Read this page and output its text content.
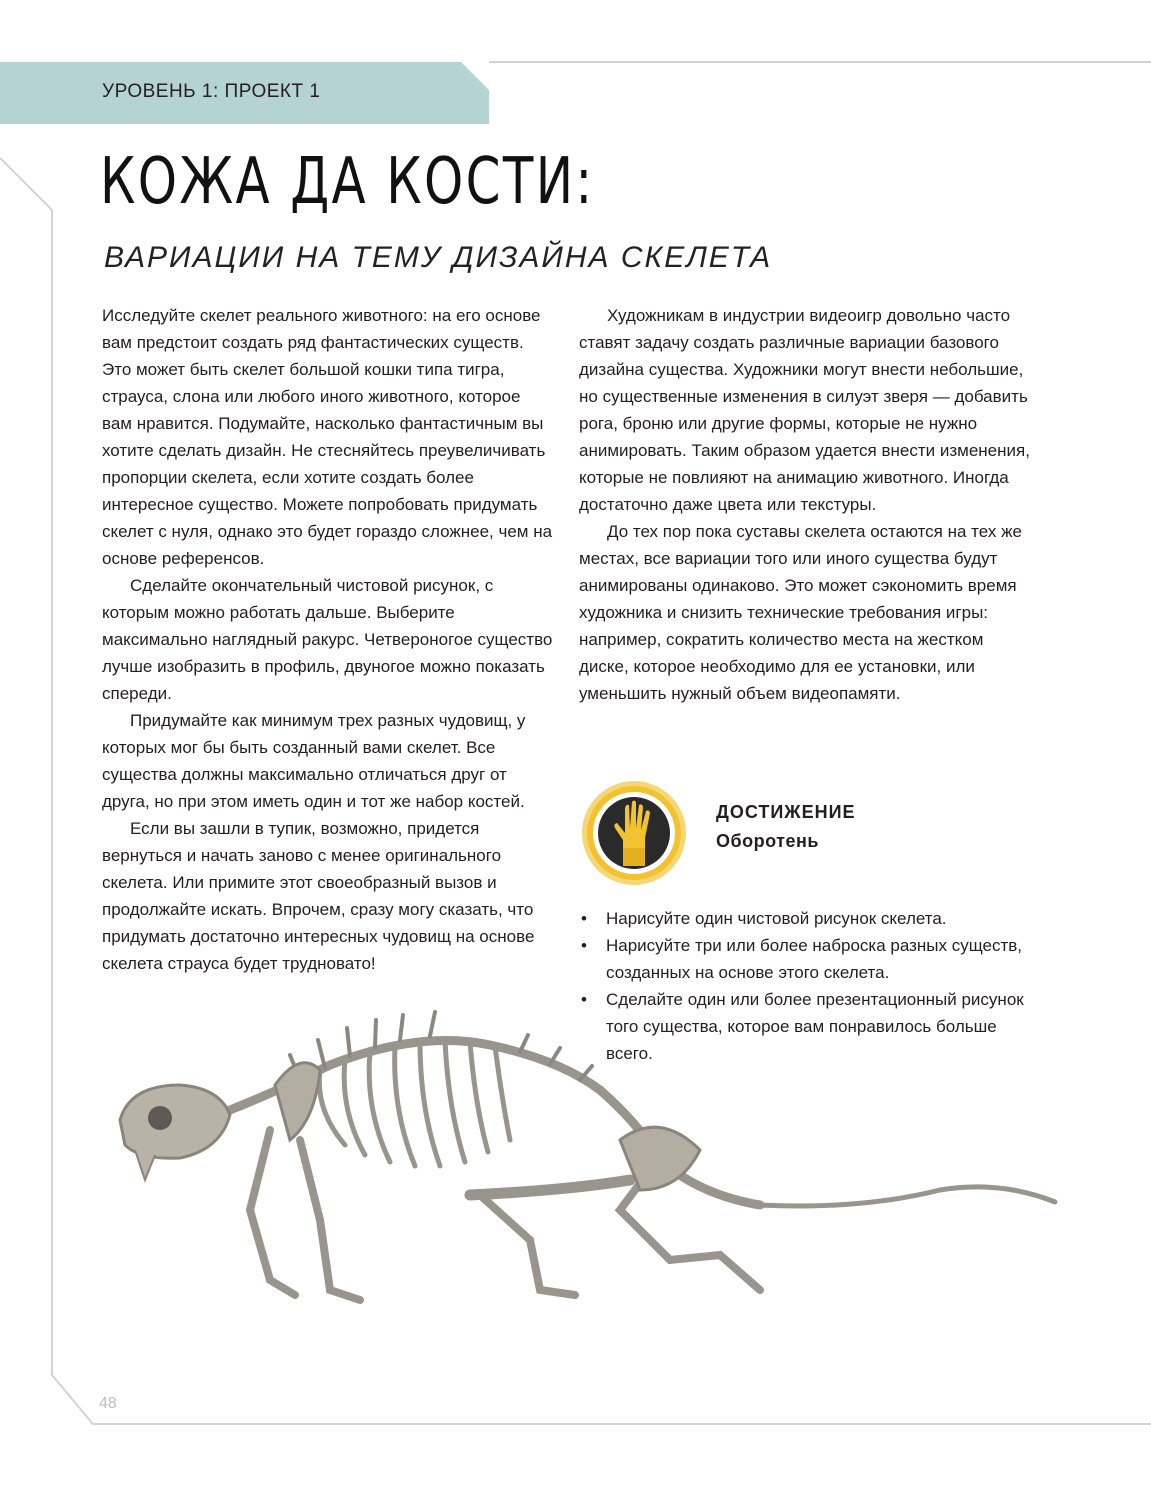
УРОВЕНЬ 1: ПРОЕКТ 1
КОЖА ДА КОСТИ:
ВАРИАЦИИ НА ТЕМУ ДИЗАЙНА СКЕЛЕТА

Исследуйте скелет реального животного: на его основе вам предстоит создать ряд фантастических существ. Это может быть скелет большой кошки типа тигра, страуса, слона или любого иного животного, которое вам нравится. Подумайте, насколько фантастичным вы хотите сделать дизайн. Не стесняйтесь преувеличивать пропорции скелета, если хотите создать более интересное существо. Можете попробовать придумать скелет с нуля, однако это будет гораздо сложнее, чем на основе референсов.

Сделайте окончательный чистовой рисунок, с которым можно работать дальше. Выберите максимально наглядный ракурс. Четвероногое существо лучше изобразить в профиль, двуногое можно показать спереди.

Придумайте как минимум трех разных чудовищ, у которых мог бы быть созданный вами скелет. Все существа должны максимально отличаться друг от друга, но при этом иметь один и тот же набор костей.

Если вы зашли в тупик, возможно, придется вернуться и начать заново с менее оригинального скелета. Или примите этот своеобразный вызов и продолжайте искать. Впрочем, сразу могу сказать, что придумать достаточно интересных чудовищ на основе скелета страуса будет трудновато!

Художникам в индустрии видеоигр довольно часто ставят задачу создать различные вариации базового дизайна существа. Художники могут внести небольшие, но существенные изменения в силуэт зверя — добавить рога, броню или другие формы, которые не нужно анимировать. Таким образом удается внести изменения, которые не повлияют на анимацию животного. Иногда достаточно даже цвета или текстуры.

До тех пор пока суставы скелета остаются на тех же местах, все вариации того или иного существа будут анимированы одинаково. Это может сэкономить время художника и снизить технические требования игры: например, сократить количество места на жестком диске, которое необходимо для ее установки, или уменьшить нужный объем видеопамяти.

ДОСТИЖЕНИЕ
Оборотень
• Нарисуйте один чистовой рисунок скелета.
• Нарисуйте три или более наброска разных существ, созданных на основе этого скелета.
• Сделайте один или более презентационный рисунок того существа, которое вам понравилось больше всего.
48
